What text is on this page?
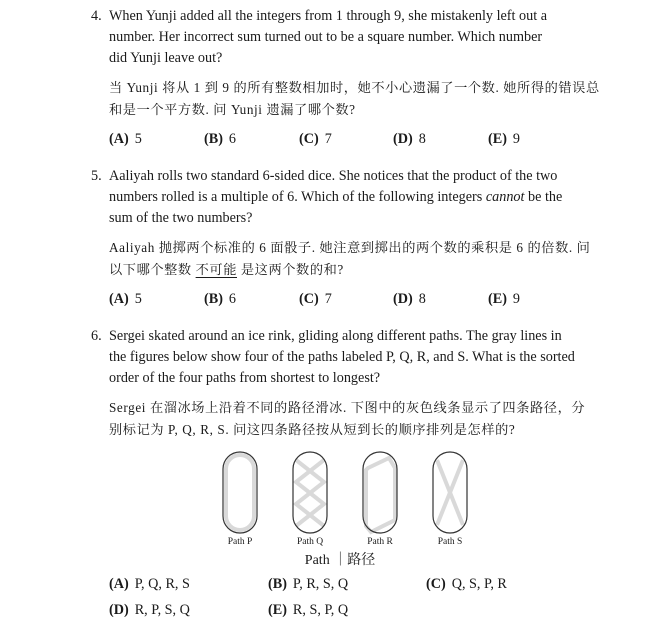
4. When Yunji added all the integers from 1 through 9, she mistakenly left out a
number. Her incorrect sum turned out to be a square number. Which number
did Yunji leave out?
当 Yunji 将从 1 到 9 的所有整数相加时，她不小心遗漏了一个数. 她所得的错误总
和是一个平方数. 问 Yunji 遗漏了哪个数?
(A) 5	(B) 6	(C) 7	(D) 8	(E) 9
5. Aaliyah rolls two standard 6-sided dice. She notices that the product of the two
numbers rolled is a multiple of 6. Which of the following integers cannot be the
sum of the two numbers?
Aaliyah 抛掷两个标准的 6 面骰子. 她注意到掷出的两个数的乘积是 6 的倍数. 问
以下哪个整数 不可能 是这两个数的和?
(A) 5	(B) 6	(C) 7	(D) 8	(E) 9
6. Sergei skated around an ice rink, gliding along different paths. The gray lines in
the figures below show four of the paths labeled P, Q, R, and S. What is the sorted
order of the four paths from shortest to longest?
Sergei 在溜冰场上沿着不同的路径滑冰. 下图中的灰色线条显示了四条路径，分
别标记为 P, Q, R, S. 问这四条路径按从短到长的顺序排列是怎样的?
Path P	Path Q	Path R	Path S
Path ｜路径
(A) P, Q, R, S	(B) P, R, S, Q	(C) Q, S, P, R
(D) R, P, S, Q	(E) R, S, P, Q
